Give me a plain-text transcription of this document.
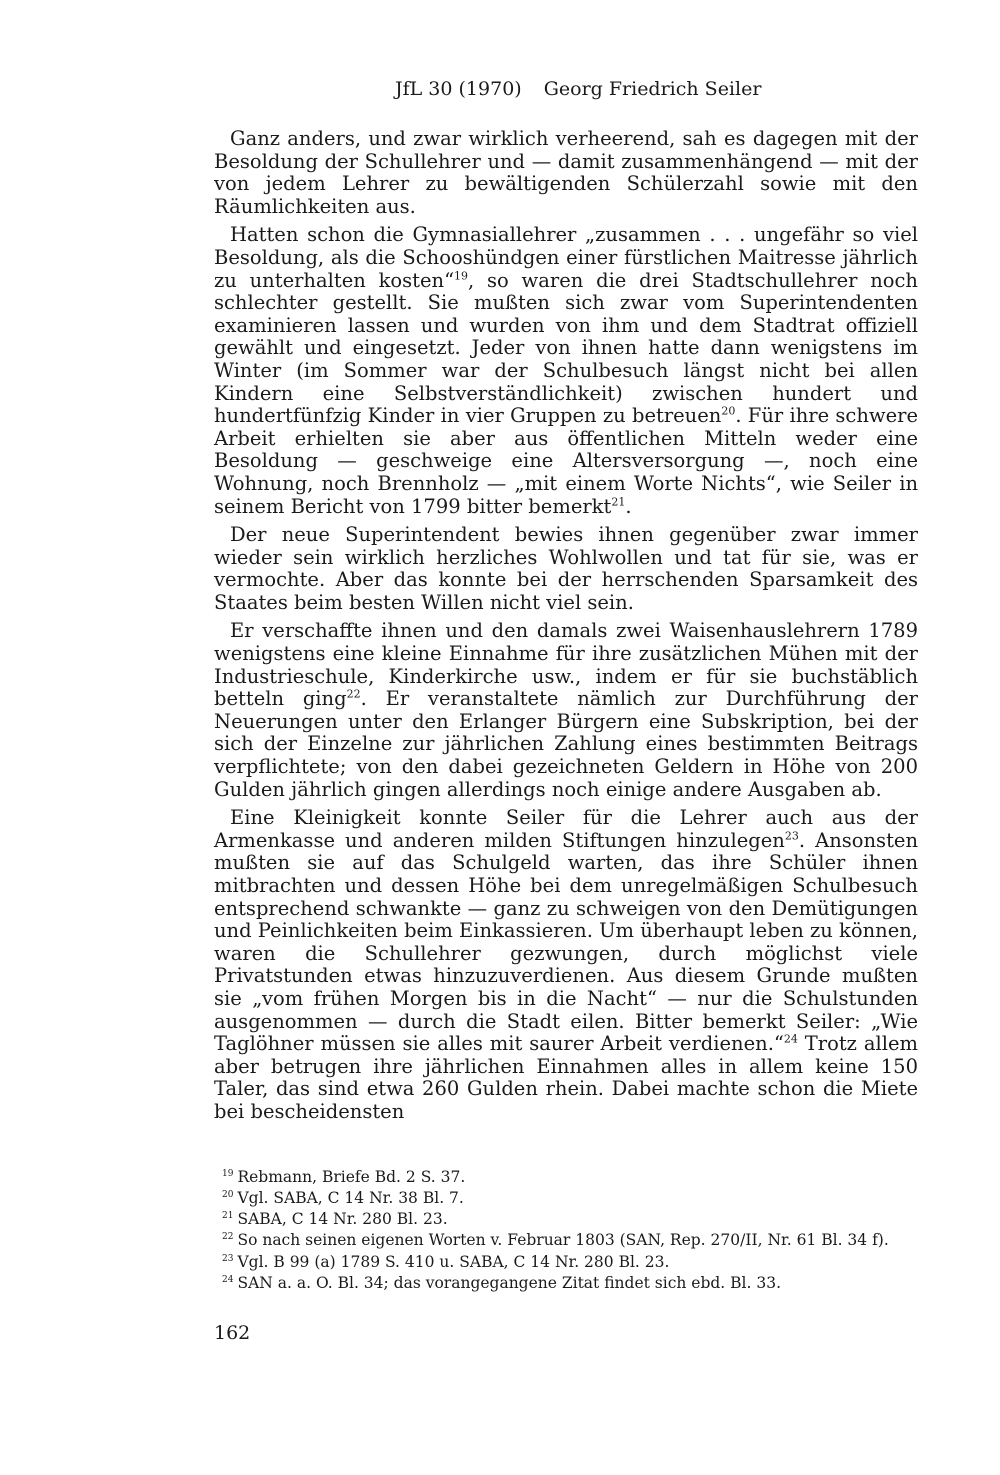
JfL 30 (1970) Georg Friedrich Seiler

Ganz anders, und zwar wirklich verheerend, sah es dagegen mit der Besoldung der Schullehrer und — damit zusammenhängend — mit der von jedem Lehrer zu bewältigenden Schülerzahl sowie mit den Räumlichkeiten aus.

Hatten schon die Gymnasiallehrer „zusammen . . . ungefähr so viel Besoldung, als die Schooshündgen einer fürstlichen Maitresse jährlich zu unterhalten kosten“$^{19}$, so waren die drei Stadtschullehrer noch schlechter gestellt. Sie mußten sich zwar vom Superintendenten examinieren lassen und wurden von ihm und dem Stadtrat offiziell gewählt und eingesetzt. Jeder von ihnen hatte dann wenigstens im Winter (im Sommer war der Schulbesuch längst nicht bei allen Kindern eine Selbstverständlichkeit) zwischen hundert und hundertfünfzig Kinder in vier Gruppen zu betreuen$^{20}$. Für ihre schwere Arbeit erhielten sie aber aus öffentlichen Mitteln weder eine Besoldung — geschweige eine Altersversorgung —, noch eine Wohnung, noch Brennholz — „mit einem Worte Nichts“, wie Seiler in seinem Bericht von 1799 bitter bemerkt$^{21}$.

Der neue Superintendent bewies ihnen gegenüber zwar immer wieder sein wirklich herzliches Wohlwollen und tat für sie, was er vermochte. Aber das konnte bei der herrschenden Sparsamkeit des Staates beim besten Willen nicht viel sein.

Er verschaffte ihnen und den damals zwei Waisenhauslehrern 1789 wenigstens eine kleine Einnahme für ihre zusätzlichen Mühen mit der Industrieschule, Kinderkirche usw., indem er für sie buchstäblich betteln ging$^{22}$. Er veranstaltete nämlich zur Durchführung der Neuerungen unter den Erlanger Bürgern eine Subskription, bei der sich der Einzelne zur jährlichen Zahlung eines bestimmten Beitrags verpflichtete; von den dabei gezeichneten Geldern in Höhe von 200 Gulden jährlich gingen allerdings noch einige andere Ausgaben ab.

Eine Kleinigkeit konnte Seiler für die Lehrer auch aus der Armenkasse und anderen milden Stiftungen hinzulegen$^{23}$. Ansonsten mußten sie auf das Schulgeld warten, das ihre Schüler ihnen mitbrachten und dessen Höhe bei dem unregelmäßigen Schulbesuch entsprechend schwankte — ganz zu schweigen von den Demütigungen und Peinlichkeiten beim Einkassieren. Um überhaupt leben zu können, waren die Schullehrer gezwungen, durch möglichst viele Privatstunden etwas hinzuzuverdienen. Aus diesem Grunde mußten sie „vom frühen Morgen bis in die Nacht“ — nur die Schulstunden ausgenommen — durch die Stadt eilen. Bitter bemerkt Seiler: „Wie Taglöhner müssen sie alles mit saurer Arbeit verdienen.“$^{24}$ Trotz allem aber betrugen ihre jährlichen Einnahmen alles in allem keine 150 Taler, das sind etwa 260 Gulden rhein. Dabei machte schon die Miete bei bescheidensten

$^{19}$ Rebmann, Briefe Bd. 2 S. 37.

$^{20}$ Vgl. SABA, C 14 Nr. 38 Bl. 7.

$^{21}$ SABA, C 14 Nr. 280 Bl. 23.

$^{22}$ So nach seinen eigenen Worten v. Februar 1803 (SAN, Rep. 270/II, Nr. 61 Bl. 34 f).

$^{23}$ Vgl. B 99 (a) 1789 S. 410 u. SABA, C 14 Nr. 280 Bl. 23.

$^{24}$ SAN a. a. O. Bl. 34; das vorangegangene Zitat findet sich ebd. Bl. 33.

162
